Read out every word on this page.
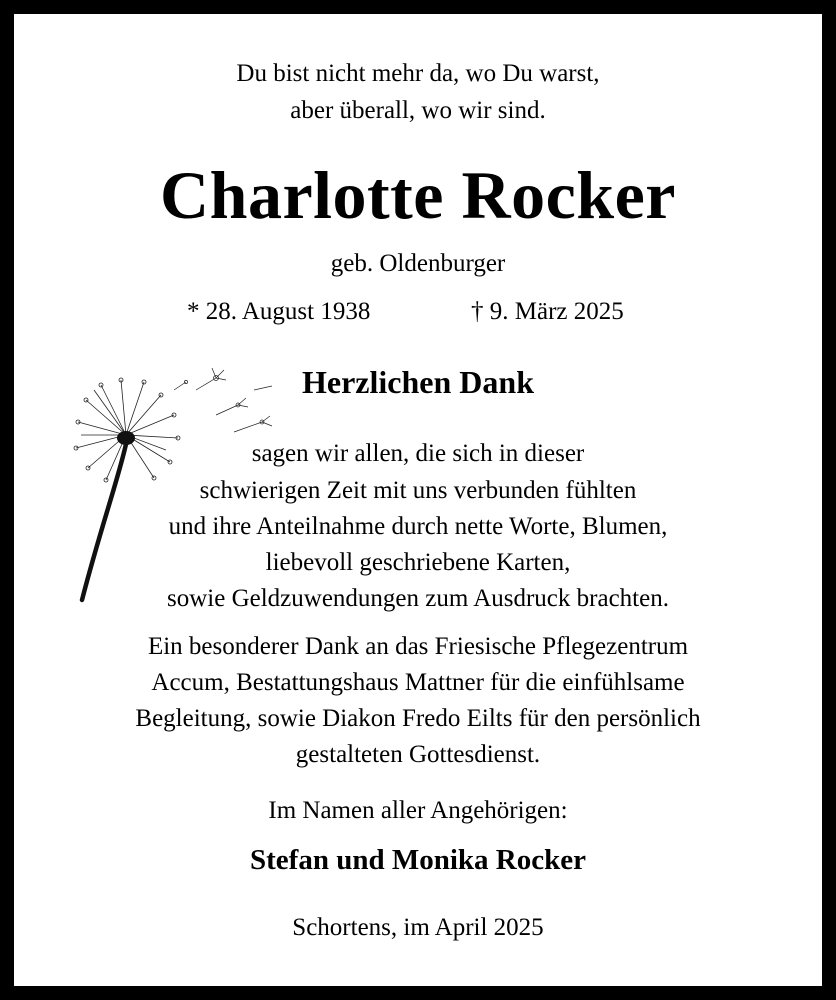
Du bist nicht mehr da, wo Du warst,
aber überall, wo wir sind.
Charlotte Rocker
geb. Oldenburger
* 28. August 1938	† 9. März 2025
Herzlichen Dank
sagen wir allen, die sich in dieser
schwierigen Zeit mit uns verbunden fühlten
und ihre Anteilnahme durch nette Worte, Blumen,
liebevoll geschriebene Karten,
sowie Geldzuwendungen zum Ausdruck brachten.
Ein besonderer Dank an das Friesische Pflegezentrum
Accum, Bestattungshaus Mattner für die einfühlsame
Begleitung, sowie Diakon Fredo Eilts für den persönlich
gestalteten Gottesdienst.
Im Namen aller Angehörigen:
Stefan und Monika Rocker
Schortens, im April 2025
